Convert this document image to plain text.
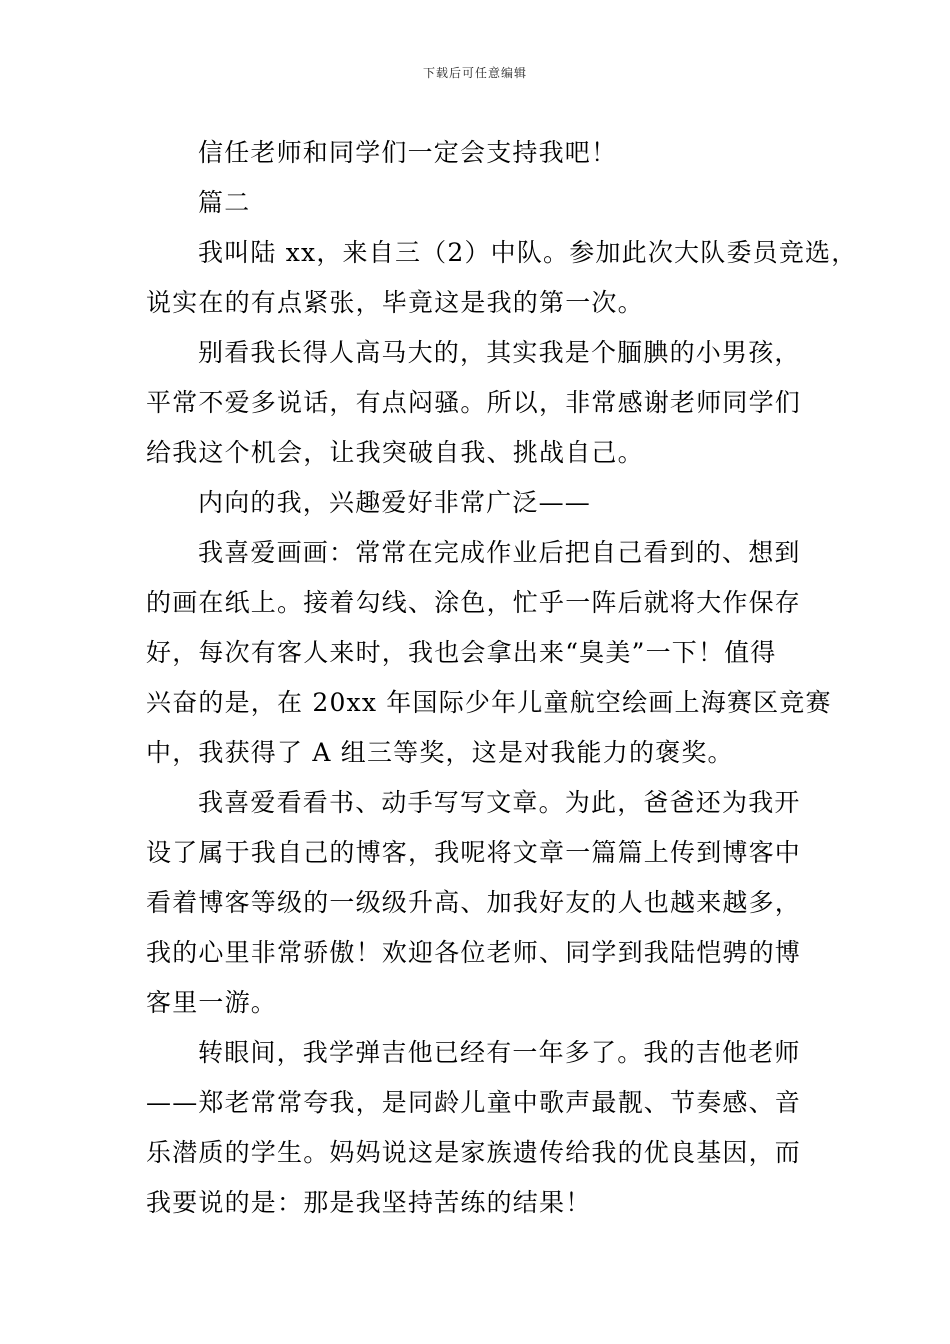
下载后可任意编辑
信任老师和同学们一定会支持我吧！
篇二
我叫陆 xx，来自三（2）中队。参加此次大队委员竞选，
说实在的有点紧张，毕竟这是我的第一次。
别看我长得人高马大的，其实我是个腼腆的小男孩，
平常不爱多说话，有点闷骚。所以，非常感谢老师同学们
给我这个机会，让我突破自我、挑战自己。
内向的我，兴趣爱好非常广泛——
我喜爱画画：常常在完成作业后把自己看到的、想到
的画在纸上。接着勾线、涂色，忙乎一阵后就将大作保存
好，每次有客人来时，我也会拿出来“臭美”一下！值得
兴奋的是，在 20xx 年国际少年儿童航空绘画上海赛区竞赛
中，我获得了 A 组三等奖，这是对我能力的褒奖。
我喜爱看看书、动手写写文章。为此，爸爸还为我开
设了属于我自己的博客，我呢将文章一篇篇上传到博客中
看着博客等级的一级级升高、加我好友的人也越来越多，
我的心里非常骄傲！欢迎各位老师、同学到我陆恺骋的博
客里一游。
转眼间，我学弹吉他已经有一年多了。我的吉他老师
——郑老常常夸我，是同龄儿童中歌声最靓、节奏感、音
乐潜质的学生。妈妈说这是家族遗传给我的优良基因，而
我要说的是：那是我坚持苦练的结果！
